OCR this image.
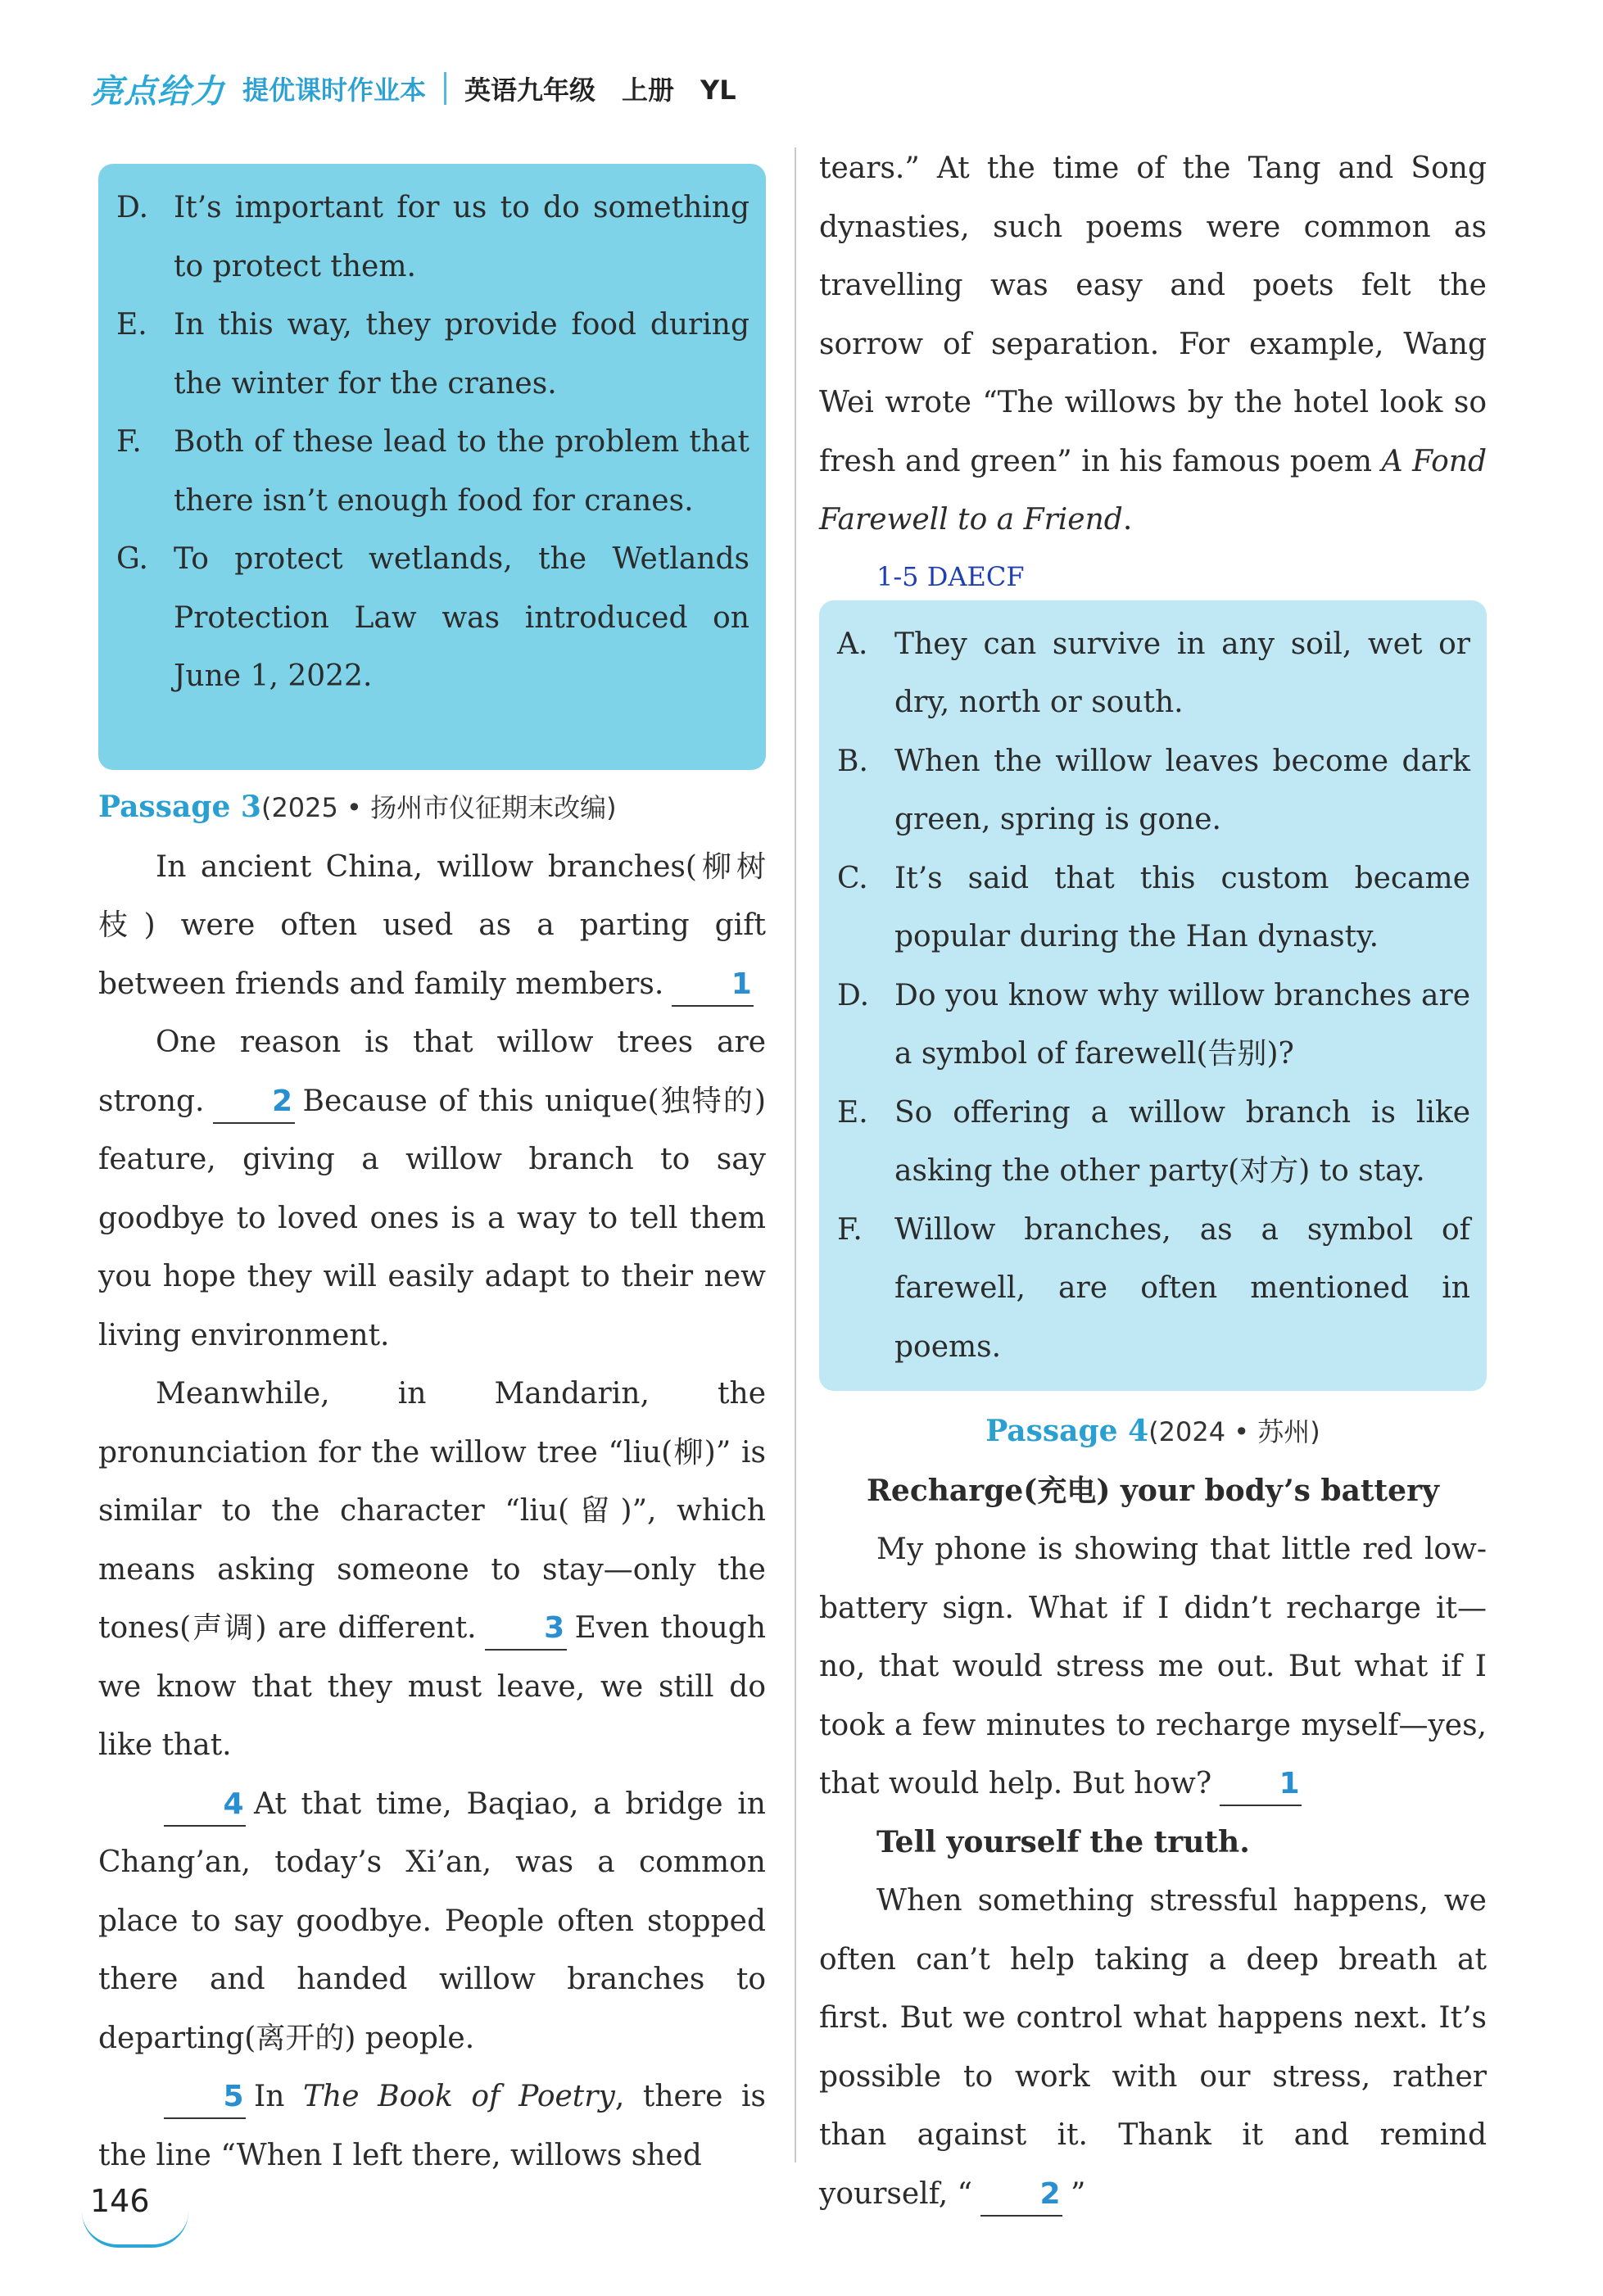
亮点给力 提优课时作业本 英语九年级　上册　YL
D. It’s important for us to do something to protect them.
E. In this way, they provide food during the winter for the cranes.
F.	Both of these lead to the problem that there isn’t enough food for cranes.
G. To protect wetlands, the Wetlands Protection Law was introduced on June 1, 2022.
Passage 3(2025 • 扬州市仪征期末改编)
In ancient China, willow branches(柳树枝) were often used as a parting gift between friends and family members. 1
One reason is that willow trees are strong. 2 Because of this unique(独特的) feature, giving a willow branch to say goodbye to loved ones is a way to tell them you hope they will easily adapt to their new living environment.
Meanwhile, in Mandarin, the pronunciation for the willow tree “liu(柳)” is similar to the character “liu(留)”, which means asking someone to stay—only the tones(声调) are different. 3 Even though we know that they must leave, we still do like that.
4 At that time, Baqiao, a bridge in Chang’an, today’s Xi’an, was a common place to say goodbye. People often stopped there and handed willow branches to departing(离开的) people.
5 In The Book of Poetry, there is the line “When I left there, willows shed
tears.” At the time of the Tang and Song dynasties, such poems were common as travelling was easy and poets felt the sorrow of separation. For example, Wang Wei wrote “The willows by the hotel look so fresh and green” in his famous poem A Fond Farewell to a Friend.
1-5 DAECF
A. They can survive in any soil, wet or dry, north or south.
B. When the willow leaves become dark green, spring is gone.
C. It’s said that this custom became popular during the Han dynasty.
D. Do you know why willow branches are a symbol of farewell(告别)?
E. So offering a willow branch is like asking the other party(对方) to stay.
F.	Willow branches, as a symbol of farewell, are often mentioned in poems.
Passage 4(2024 • 苏州)
Recharge(充电) your body’s battery
My phone is showing that little red low-battery sign. What if I didn’t recharge it—no, that would stress me out. But what if I took a few minutes to recharge myself—yes, that would help. But how? 1
Tell yourself the truth.
When something stressful happens, we often can’t help taking a deep breath at first. But we control what happens next. It’s possible to work with our stress, rather than against it. Thank it and remind yourself, “ 2 ”
146
